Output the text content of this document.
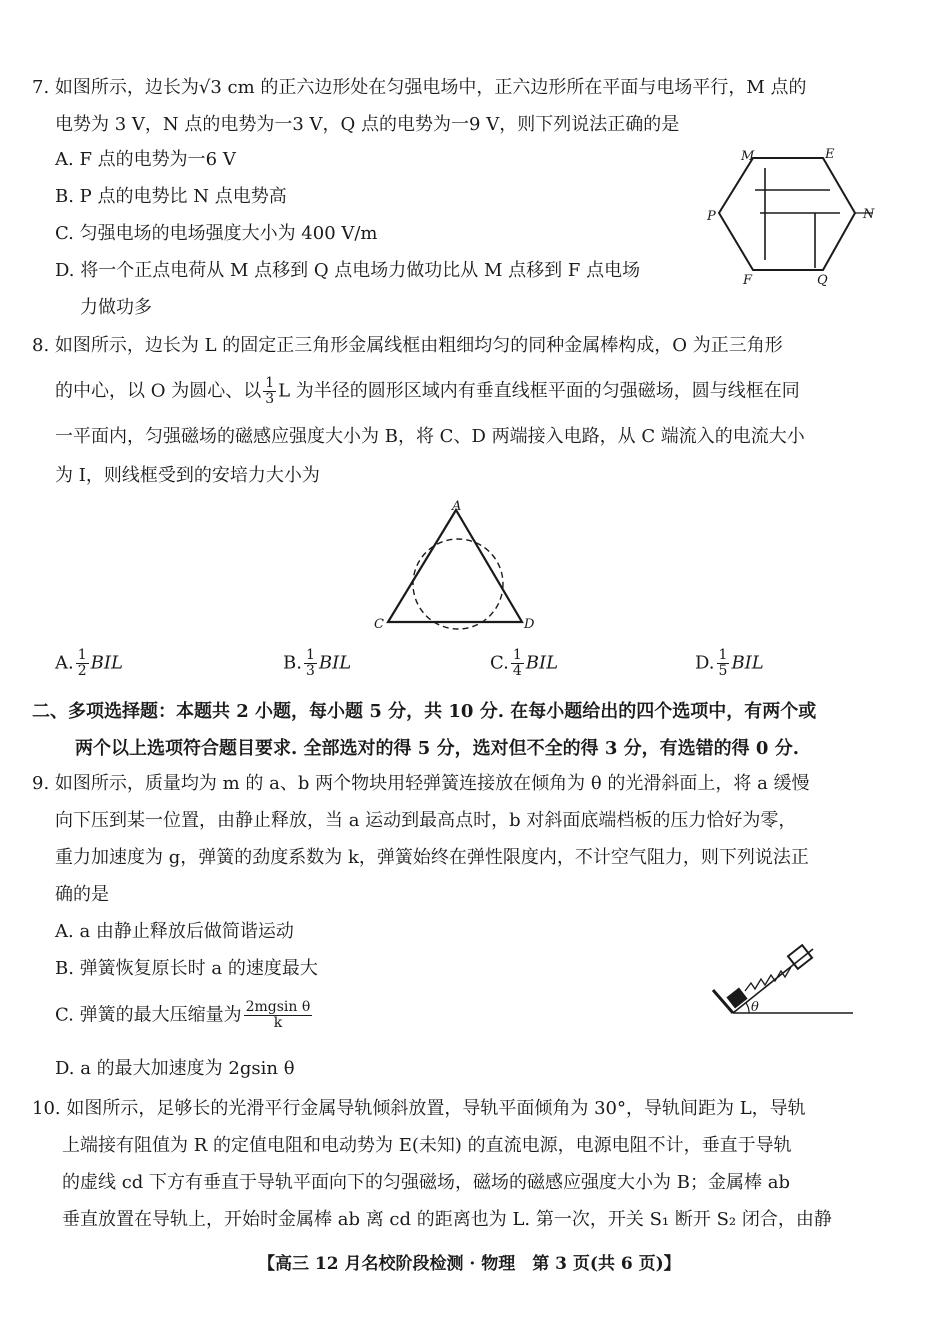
7. 如图所示，边长为√3 cm 的正六边形处在匀强电场中，正六边形所在平面与电场平行，M 点的
电势为 3 V，N 点的电势为一3 V，Q 点的电势为一9 V，则下列说法正确的是
A. F 点的电势为一6 V
B. P 点的电势比 N 点电势高
C. 匀强电场的电场强度大小为 400 V/m
D. 将一个正点电荷从 M 点移到 Q 点电场力做功比从 M 点移到 F 点电场
力做功多
M	E
P	N
F	Q
8. 如图所示，边长为 L 的固定正三角形金属线框由粗细均匀的同种金属棒构成，O 为正三角形
的中心，以 O 为圆心、以 $\frac{1}{3}$ L 为半径的圆形区域内有垂直线框平面的匀强磁场，圆与线框在同
一平面内，匀强磁场的磁感应强度大小为 B，将 C、D 两端接入电路，从 C 端流入的电流大小
为 I，则线框受到的安培力大小为
A
C	D
A. $\frac{1}{2}$ BIL	B. $\frac{1}{3}$ BIL	C. $\frac{1}{4}$ BIL	D. $\frac{1}{5}$ BIL
二、多项选择题：本题共 2 小题，每小题 5 分，共 10 分. 在每小题给出的四个选项中，有两个或
两个以上选项符合题目要求. 全部选对的得 5 分，选对但不全的得 3 分，有选错的得 0 分.
9. 如图所示，质量均为 m 的 a、b 两个物块用轻弹簧连接放在倾角为 θ 的光滑斜面上，将 a 缓慢
向下压到某一位置，由静止释放，当 a 运动到最高点时，b 对斜面底端档板的压力恰好为零，
重力加速度为 g，弹簧的劲度系数为 k，弹簧始终在弹性限度内，不计空气阻力，则下列说法正
确的是
A. a 由静止释放后做简谐运动
B. 弹簧恢复原长时 a 的速度最大
C. 弹簧的最大压缩量为 $\frac{\text{2mgsin θ}}{k}$
D. a 的最大加速度为 2gsin θ
θ
10. 如图所示，足够长的光滑平行金属导轨倾斜放置，导轨平面倾角为 30°，导轨间距为 L，导轨
上端接有阻值为 R 的定值电阻和电动势为 E(未知) 的直流电源，电源电阻不计，垂直于导轨
的虚线 cd 下方有垂直于导轨平面向下的匀强磁场，磁场的磁感应强度大小为 B；金属棒 ab
垂直放置在导轨上，开始时金属棒 ab 离 cd 的距离也为 L. 第一次，开关 S₁ 断开 S₂ 闭合，由静
【高三 12 月名校阶段检测 · 物理　第 3 页(共 6 页)】
